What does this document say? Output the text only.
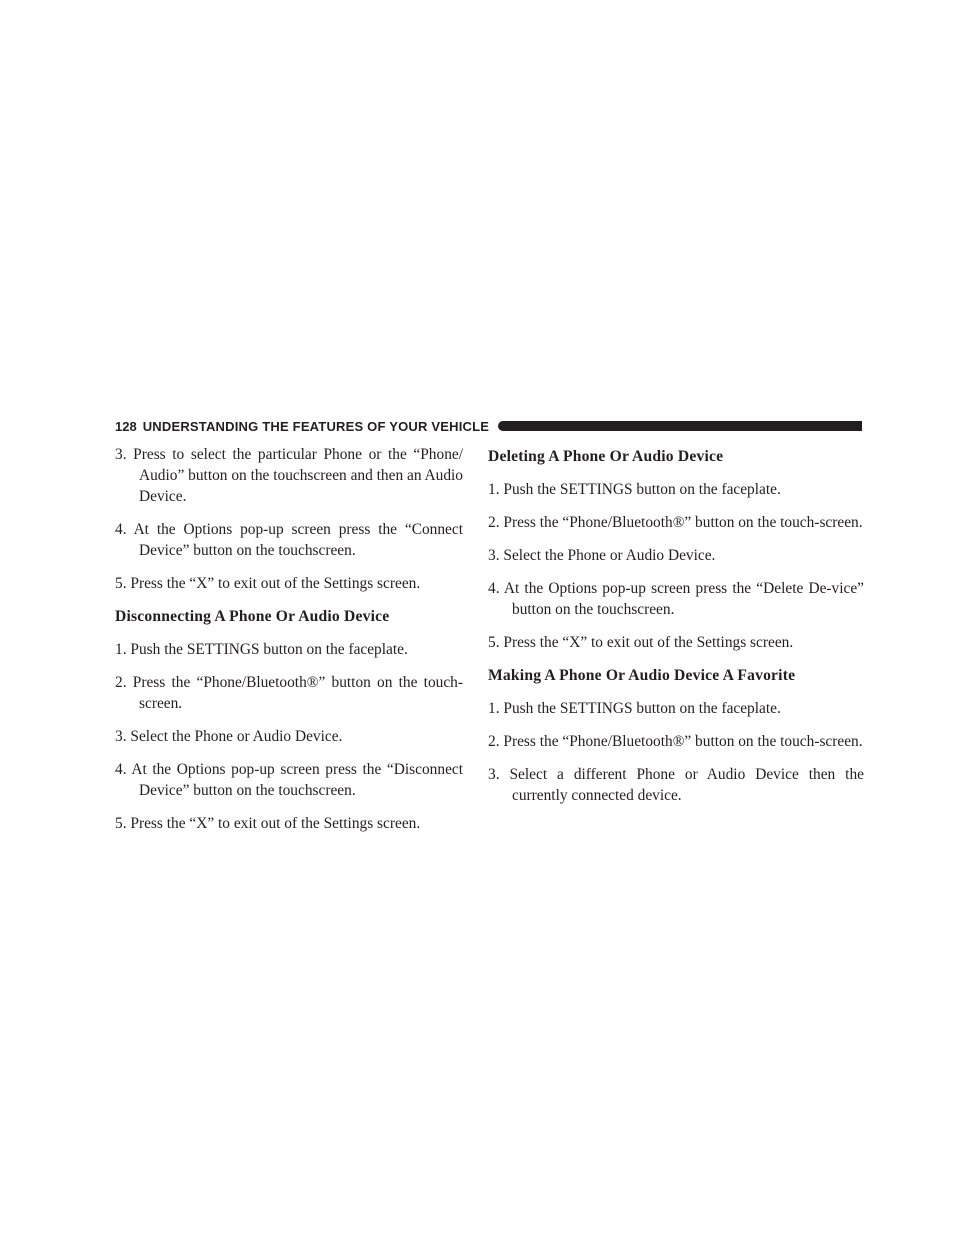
128 UNDERSTANDING THE FEATURES OF YOUR VEHICLE

3. Press to select the particular Phone or the “Phone/ Audio” button on the touchscreen and then an Audio Device.

4. At the Options pop-up screen press the “Connect Device” button on the touchscreen.

5. Press the “X” to exit out of the Settings screen.

Disconnecting A Phone Or Audio Device

1. Push the SETTINGS button on the faceplate.

2. Press the “Phone/Bluetooth®” button on the touch-screen.

3. Select the Phone or Audio Device.

4. At the Options pop-up screen press the “Disconnect Device” button on the touchscreen.

5. Press the “X” to exit out of the Settings screen.

Deleting A Phone Or Audio Device

1. Push the SETTINGS button on the faceplate.

2. Press the “Phone/Bluetooth®” button on the touch-screen.

3. Select the Phone or Audio Device.

4. At the Options pop-up screen press the “Delete De-vice” button on the touchscreen.

5. Press the “X” to exit out of the Settings screen.

Making A Phone Or Audio Device A Favorite

1. Push the SETTINGS button on the faceplate.

2. Press the “Phone/Bluetooth®” button on the touch-screen.

3. Select a different Phone or Audio Device then the currently connected device.
